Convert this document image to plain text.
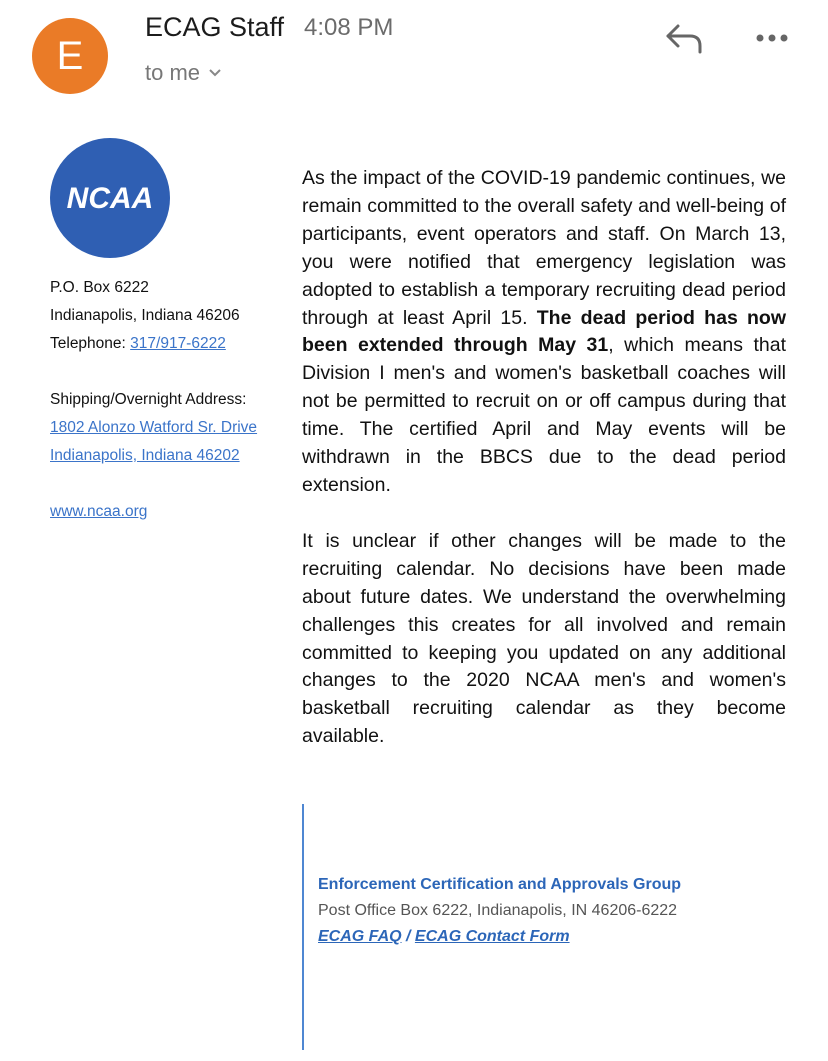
E
ECAG Staff 4:08 PM
to me
NCAA
P.O. Box 6222
Indianapolis, Indiana 46206
Telephone: 317/917-6222
Shipping/Overnight Address:
1802 Alonzo Watford Sr. Drive
Indianapolis, Indiana 46202
www.ncaa.org

As the impact of the COVID-19 pandemic continues, we remain committed to the overall safety and well-being of participants, event operators and staff. On March 13, you were notified that emergency legislation was adopted to establish a temporary recruiting dead period through at least April 15. The dead period has now been extended through May 31, which means that Division I men's and women's basketball coaches will not be permitted to recruit on or off campus during that time. The certified April and May events will be withdrawn in the BBCS due to the dead period extension.

It is unclear if other changes will be made to the recruiting calendar. No decisions have been made about future dates. We understand the overwhelming challenges this creates for all involved and remain committed to keeping you updated on any additional changes to the 2020 NCAA men's and women's basketball recruiting calendar as they become available.

Enforcement Certification and Approvals Group
Post Office Box 6222, Indianapolis, IN 46206-6222
ECAG FAQ / ECAG Contact Form
